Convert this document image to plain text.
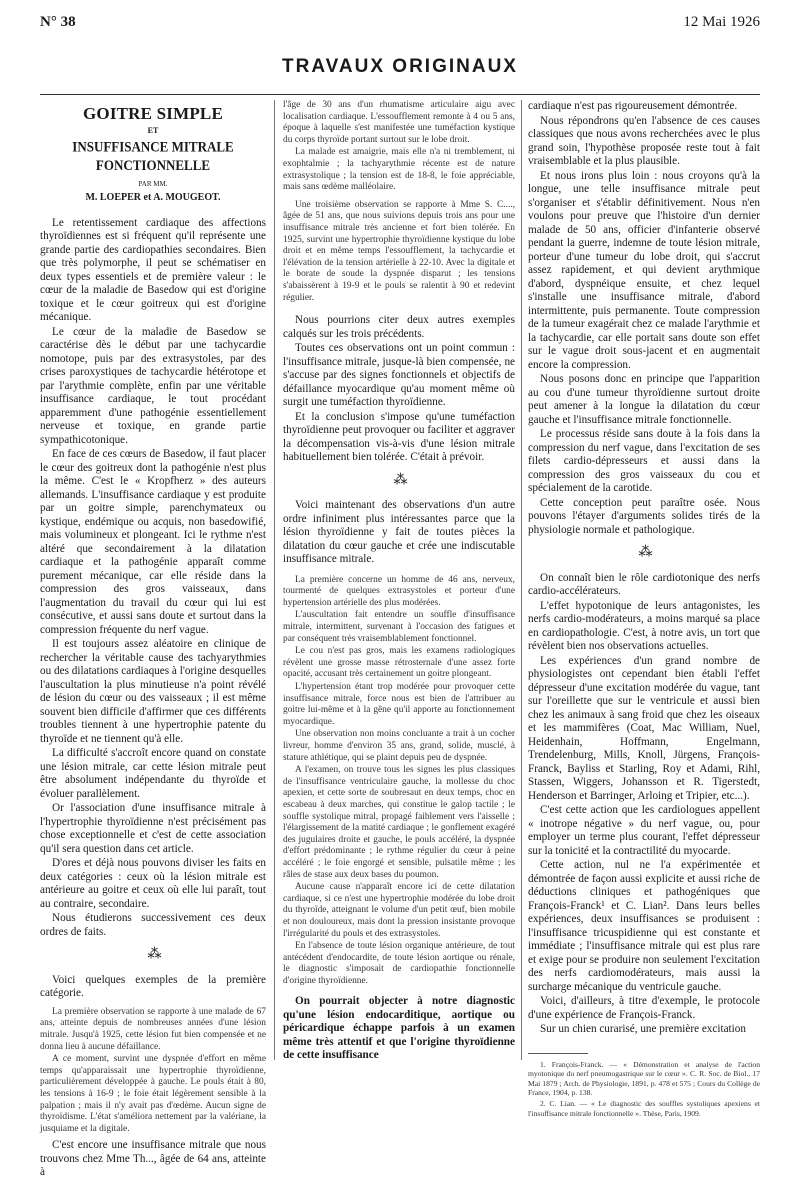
N° 38	12 Mai 1926
TRAVAUX ORIGINAUX
GOITRE SIMPLE
ET
INSUFFISANCE MITRALE FONCTIONNELLE
PAR MM.
M. LOEPER et A. MOUGEOT.

Le retentissement cardiaque des affections thyroïdiennes est si fréquent qu'il représente une grande partie des cardiopathies secondaires. Bien que très polymorphe, il peut se schématiser en deux types essentiels et de première valeur : le cœur de la maladie de Basedow qui est d'origine toxique et le cœur goitreux qui est d'origine mécanique.

Le cœur de la maladie de Basedow se caractérise dès le début par une tachycardie nomotope, puis par des extrasystoles, par des crises paroxystiques de tachycardie hétérotope et par l'arythmie complète, enfin par une véritable insuffisance cardiaque, le tout procédant apparemment d'une pathogénie essentiellement nerveuse et toxique, en grande partie sympathicotonique.

En face de ces cœurs de Basedow, il faut placer le cœur des goitreux dont la pathogénie n'est plus la même. C'est le « Kropfherz » des auteurs allemands. L'insuffisance cardiaque y est produite par un goitre simple, parenchymateux ou kystique, endémique ou acquis, non basedowifié, mais volumineux et plongeant. Ici le rythme n'est altéré que secondairement à la dilatation cardiaque et la pathogénie apparaît comme purement mécanique, car elle réside dans la compression des gros vaisseaux, dans l'augmentation du travail du cœur qui lui est consécutive, et aussi sans doute et surtout dans la compression fréquente du nerf vague.

Il est toujours assez aléatoire en clinique de rechercher la véritable cause des tachyarythmies ou des dilatations cardiaques à l'origine desquelles l'auscultation la plus minutieuse n'a point révélé de lésion du cœur ou des vaisseaux ; il est même souvent bien difficile d'affirmer que ces différents troubles tiennent à une hypertrophie patente du thyroïde et ne tiennent qu'à elle.

La difficulté s'accroît encore quand on constate une lésion mitrale, car cette lésion mitrale peut être absolument indépendante du thyroïde et évoluer parallèlement.

Or l'association d'une insuffisance mitrale à l'hypertrophie thyroïdienne n'est précisément pas chose exceptionnelle et c'est de cette association qu'il sera question dans cet article.

D'ores et déjà nous pouvons diviser les faits en deux catégories : ceux où la lésion mitrale est antérieure au goitre et ceux où elle lui paraît, tout au contraire, secondaire.

Nous étudierons successivement ces deux ordres de faits.

⁂

Voici quelques exemples de la première catégorie.

La première observation se rapporte à une malade de 67 ans, atteinte depuis de nombreuses années d'une lésion mitrale. Jusqu'à 1925, cette lésion fut bien compensée et ne donna lieu à aucune défaillance.

A ce moment, survint une dyspnée d'effort en même temps qu'apparaissait une hypertrophie thyroïdienne, particulièrement développée à gauche. Le pouls était à 80, les tensions à 16-9 ; le foie était légèrement sensible à la palpation ; mais il n'y avait pas d'œdème. Aucun signe de thyroïdisme. L'état s'améliora nettement par la valériane, la jusquiame et la digitale.

C'est encore une insuffisance mitrale que nous trouvons chez Mme Th..., âgée de 64 ans, atteinte à

l'âge de 30 ans d'un rhumatisme articulaire aigu avec localisation cardiaque. L'essoufflement remonte à 4 ou 5 ans, époque à laquelle s'est manifestée une tuméfaction kystique du corps thyroïde portant surtout sur le lobe droit.

La malade est amaigrie, mais elle n'a ni tremblement, ni exophtalmie ; la tachyarythmie récente est de nature extrasystolique ; la tension est de 18-8, le foie appréciable, mais sans œdème malléolaire.

Une troisième observation se rapporte à Mme S. C...., âgée de 51 ans, que nous suivions depuis trois ans pour une insuffisance mitrale très ancienne et fort bien tolérée. En 1925, survint une hypertrophie thyroïdienne kystique du lobe droit et en même temps l'essoufflement, la tachycardie et l'élévation de la tension artérielle à 22-10. Avec la digitale et le borate de soude la dyspnée disparut ; les tensions s'abaissèrent à 19-9 et le pouls se ralentit à 90 et redevint régulier.

Nous pourrions citer deux autres exemples calqués sur les trois précédents.

Toutes ces observations ont un point commun : l'insuffisance mitrale, jusque-là bien compensée, ne s'accuse par des signes fonctionnels et objectifs de défaillance myocardique qu'au moment même où surgit une tuméfaction thyroïdienne.

Et la conclusion s'impose qu'une tuméfaction thyroïdienne peut provoquer ou faciliter et aggraver la décompensation vis-à-vis d'une lésion mitrale habituellement bien tolérée. C'était à prévoir.

⁂

Voici maintenant des observations d'un autre ordre infiniment plus intéressantes parce que la lésion thyroïdienne y fait de toutes pièces la dilatation du cœur gauche et crée une indiscutable insuffisance mitrale.

La première concerne un homme de 46 ans, nerveux, tourmenté de quelques extrasystoles et porteur d'une hypertension artérielle des plus modérées.

L'auscultation fait entendre un souffle d'insuffisance mitrale, intermittent, survenant à l'occasion des fatigues et par conséquent très vraisemblablement fonctionnel.

Le cou n'est pas gros, mais les examens radiologiques révèlent une grosse masse rétrosternale d'une assez forte opacité, accusant très certainement un goitre plongeant.

L'hypertension étant trop modérée pour provoquer cette insuffisance mitrale, force nous est bien de l'attribuer au goitre lui-même et à la gêne qu'il apporte au fonctionnement myocardique.

Une observation non moins concluante a trait à un cocher livreur, homme d'environ 35 ans, grand, solide, musclé, à stature athlétique, qui se plaint depuis peu de dyspnée.

A l'examen, on trouve tous les signes les plus classiques de l'insuffisance ventriculaire gauche, la mollesse du choc apexien, et cette sorte de soubresaut en deux temps, choc en escabeau à deux marches, qui constitue le galop tactile ; le souffle systolique mitral, propagé faiblement vers l'aisselle ; l'élargissement de la matité cardiaque ; le gonflement exagéré des jugulaires droite et gauche, le pouls accéléré, la dyspnée d'effort prédominante ; le rythme régulier du cœur à peine accéléré ; le foie engorgé et sensible, pulsatile même ; les râles de stase aux deux bases du poumon.

Aucune cause n'apparaît encore ici de cette dilatation cardiaque, si ce n'est une hypertrophie modérée du lobe droit du thyroïde, atteignant le volume d'un petit œuf, bien mobile et non douloureux, mais dont la pression insistante provoque l'irrégularité du pouls et des extrasystoles.

En l'absence de toute lésion organique antérieure, de tout antécédent d'endocardite, de toute lésion aortique ou rénale, le diagnostic s'imposait de cardiopathie fonctionnelle d'origine thyroïdienne.

On pourrait objecter à notre diagnostic qu'une lésion endocarditique, aortique ou péricardique échappe parfois à un examen même très attentif et que l'origine thyroïdienne de cette insuffisance

cardiaque n'est pas rigoureusement démontrée.

Nous répondrons qu'en l'absence de ces causes classiques que nous avons recherchées avec le plus grand soin, l'hypothèse proposée reste tout à fait vraisemblable et la plus plausible.

Et nous irons plus loin : nous croyons qu'à la longue, une telle insuffisance mitrale peut s'organiser et s'établir définitivement. Nous n'en voulons pour preuve que l'histoire d'un dernier malade de 50 ans, officier d'infanterie observé pendant la guerre, indemne de toute lésion mitrale, porteur d'une tumeur du lobe droit, qui s'accrut assez rapidement, et qui devient arythmique d'abord, dyspnéique ensuite, et chez lequel s'installe une insuffisance mitrale, d'abord intermittente, puis permanente. Toute compression de la tumeur exagérait chez ce malade l'arythmie et la tachycardie, car elle portait sans doute son effet sur le vague droit sous-jacent et en augmentait encore la compression.

Nous posons donc en principe que l'apparition au cou d'une tumeur thyroïdienne surtout droite peut amener à la longue la dilatation du cœur gauche et l'insuffisance mitrale fonctionnelle.

Le processus réside sans doute à la fois dans la compression du nerf vague, dans l'excitation de ses filets cardio-dépresseurs et aussi dans la compression des gros vaisseaux du cou et spécialement de la carotide.

Cette conception peut paraître osée. Nous pouvons l'étayer d'arguments solides tirés de la physiologie normale et pathologique.

⁂

On connaît bien le rôle cardiotonique des nerfs cardio-accélérateurs.

L'effet hypotonique de leurs antagonistes, les nerfs cardio-modérateurs, a moins marqué sa place en cardiopathologie. C'est, à notre avis, un tort que révèlent bien nos observations actuelles.

Les expériences d'un grand nombre de physiologistes ont cependant bien établi l'effet dépresseur d'une excitation modérée du vague, tant sur l'oreillette que sur le ventricule et aussi bien chez les animaux à sang froid que chez les oiseaux et les mammifères (Coat, Mac William, Nuel, Heidenhain, Hoffmann, Engelmann, Trendelenburg, Mills, Knoll, Jürgens, François-Franck, Bayliss et Starling, Roy et Adami, Rihl, Stassen, Wiggers, Johansson et R. Tigerstedt, Henderson et Barringer, Arloing et Tripier, etc...).

C'est cette action que les cardiologues appellent « inotrope négative » du nerf vague, ou, pour employer un terme plus courant, l'effet dépresseur sur la tonicité et la contractilité du myocarde.

Cette action, nul ne l'a expérimentée et démontrée de façon aussi explicite et aussi riche de déductions cliniques et pathogéniques que François-Franck¹ et C. Lian². Dans leurs belles expériences, deux insuffisances se produisent : l'insuffisance tricuspidienne qui est constante et immédiate ; l'insuffisance mitrale qui est plus rare et exige pour se produire non seulement l'excitation des nerfs cardiomodérateurs, mais aussi la surcharge mécanique du ventricule gauche.

Voici, d'ailleurs, à titre d'exemple, le protocole d'une expérience de François-Franck.

Sur un chien curarisé, une première excitation

1. François-Franck. — « Démonstration et analyse de l'action myotonique du nerf pneumogastrique sur le cœur ». C. R. Soc. de Biol., 17 Mai 1879 ; Arch. de Physiologie, 1891, p. 478 et 575 ; Cours du Collège de France, 1904, p. 138.

2. C. Lian. — « Le diagnostic des souffles systoliques apexiens et l'insuffisance mitrale fonctionnelle ». Thèse, Paris, 1909.
